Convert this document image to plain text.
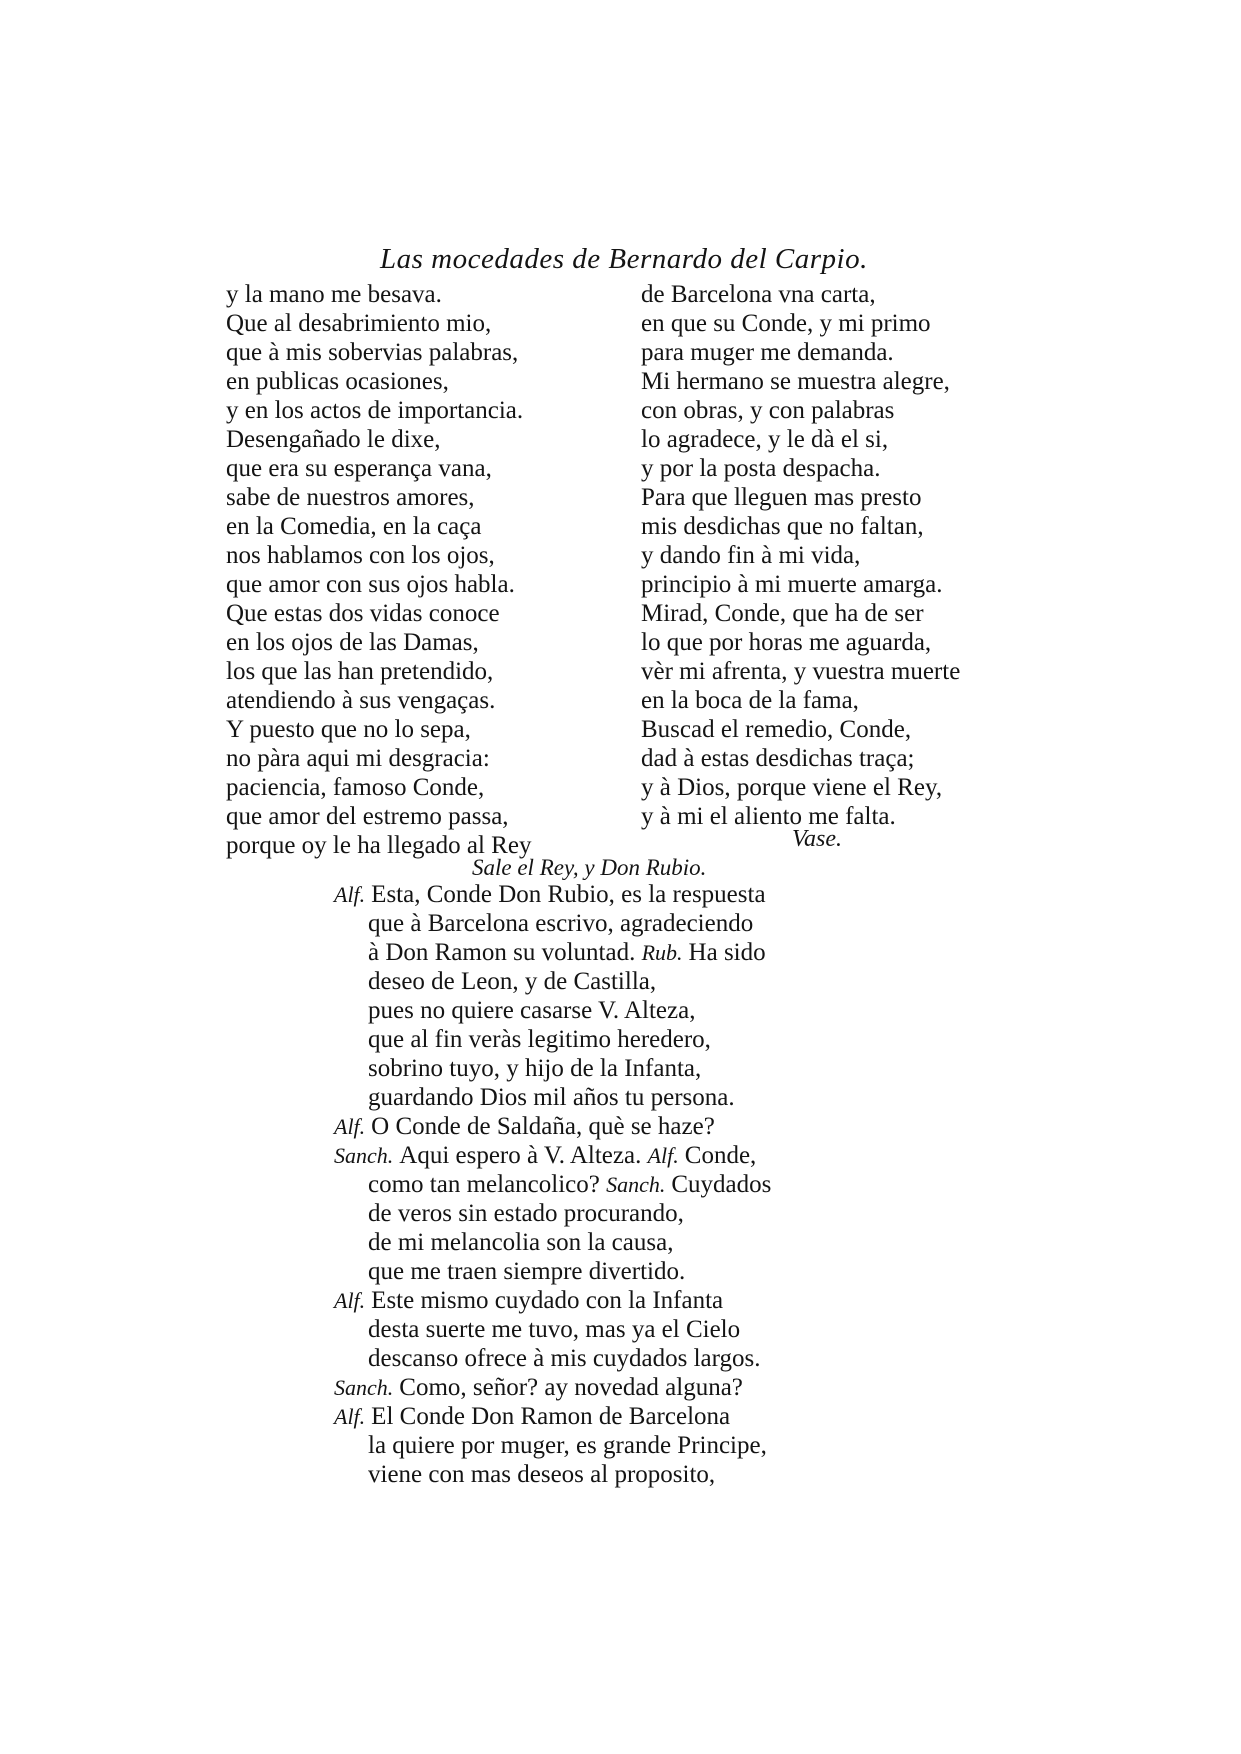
Las mocedades de Bernardo del Carpio.
y la mano me besava.
Que al desabrimiento mio,
que à mis sobervias palabras,
en publicas ocasiones,
y en los actos de importancia.
Desengañado le dixe,
que era su esperança vana,
sabe de nuestros amores,
en la Comedia, en la caça
nos hablamos con los ojos,
que amor con sus ojos habla.
Que estas dos vidas conoce
en los ojos de las Damas,
los que las han pretendido,
atendiendo à sus vengaças.
Y puesto que no lo sepa,
no pàra aqui mi desgracia:
paciencia, famoso Conde,
que amor del estremo passa,
porque oy le ha llegado al Rey
de Barcelona vna carta,
en que su Conde, y mi primo
para muger me demanda.
Mi hermano se muestra alegre,
con obras, y con palabras
lo agradece, y le dà el si,
y por la posta despacha.
Para que lleguen mas presto
mis desdichas que no faltan,
y dando fin à mi vida,
principio à mi muerte amarga.
Mirad, Conde, que ha de ser
lo que por horas me aguarda,
vèr mi afrenta, y vuestra muerte
en la boca de la fama,
Buscad el remedio, Conde,
dad à estas desdichas traça;
y à Dios, porque viene el Rey,
y à mi el aliento me falta.
Vase.
Sale el Rey, y Don Rubio.
Alf. Esta, Conde Don Rubio, es la respuesta
que à Barcelona escrivo, agradeciendo
à Don Ramon su voluntad. Rub. Ha sido
deseo de Leon, y de Castilla,
pues no quiere casarse V. Alteza,
que al fin veràs legitimo heredero,
sobrino tuyo, y hijo de la Infanta,
guardando Dios mil años tu persona.
Alf. O Conde de Saldaña, què se haze?
Sanch. Aqui espero à V. Alteza. Alf. Conde,
como tan melancolico? Sanch. Cuydados
de veros sin estado procurando,
de mi melancolia son la causa,
que me traen siempre divertido.
Alf. Este mismo cuydado con la Infanta
desta suerte me tuvo, mas ya el Cielo
descanso ofrece à mis cuydados largos.
Sanch. Como, señor? ay novedad alguna?
Alf. El Conde Don Ramon de Barcelona
la quiere por muger, es grande Principe,
viene con mas deseos al proposito,
